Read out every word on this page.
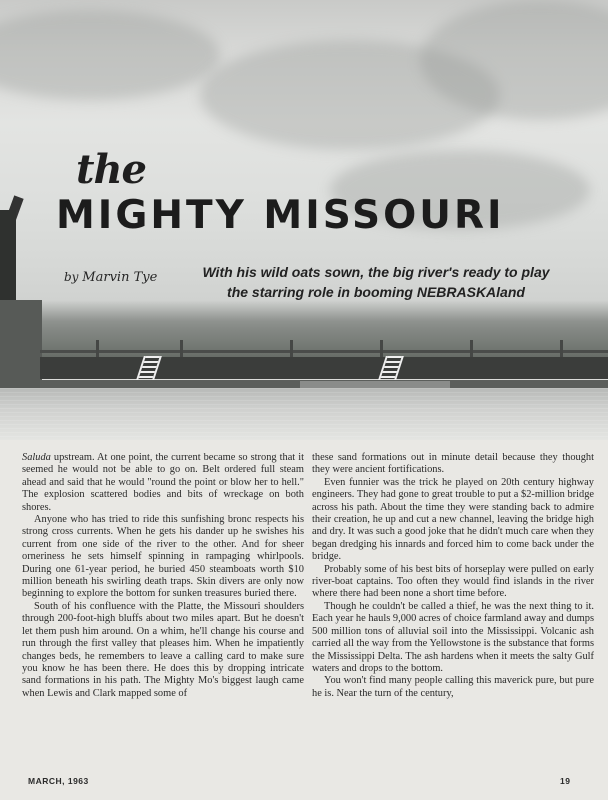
the
MIGHTY MISSOURI
by Marvin Tye	With his wild oats sown, the big river's ready to play the starring role in booming NEBRASKAland

Saluda upstream. At one point, the current became so strong that it seemed he would not be able to go on. Belt ordered full steam ahead and said that he would "round the point or blow her to hell." The explosion scattered bodies and bits of wreckage on both shores.

Anyone who has tried to ride this sunfishing bronc respects his strong cross currents. When he gets his dander up he swishes his current from one side of the river to the other. And for sheer orneriness he sets himself spinning in rampaging whirlpools. During one 61-year period, he buried 450 steamboats worth $10 million beneath his swirling death traps. Skin divers are only now beginning to explore the bottom for sunken treasures buried there.

South of his confluence with the Platte, the Missouri shoulders through 200-foot-high bluffs about two miles apart. But he doesn't let them push him around. On a whim, he'll change his course and run through the first valley that pleases him. When he impatiently changes beds, he remembers to leave a calling card to make sure you know he has been there. He does this by dropping intricate sand formations in his path. The Mighty Mo's biggest laugh came when Lewis and Clark mapped some of

these sand formations out in minute detail because they thought they were ancient fortifications.

Even funnier was the trick he played on 20th century highway engineers. They had gone to great trouble to put a $2-million bridge across his path. About the time they were standing back to admire their creation, he up and cut a new channel, leaving the bridge high and dry. It was such a good joke that he didn't much care when they began dredging his innards and forced him to come back under the bridge.

Probably some of his best bits of horseplay were pulled on early river-boat captains. Too often they would find islands in the river where there had been none a short time before.

Though he couldn't be called a thief, he was the next thing to it. Each year he hauls 9,000 acres of choice farmland away and dumps 500 million tons of alluvial soil into the Mississippi. Volcanic ash carried all the way from the Yellowstone is the substance that forms the Mississippi Delta. The ash hardens when it meets the salty Gulf waters and drops to the bottom.

You won't find many people calling this maverick pure, but pure he is. Near the turn of the century,

MARCH, 1963	19
